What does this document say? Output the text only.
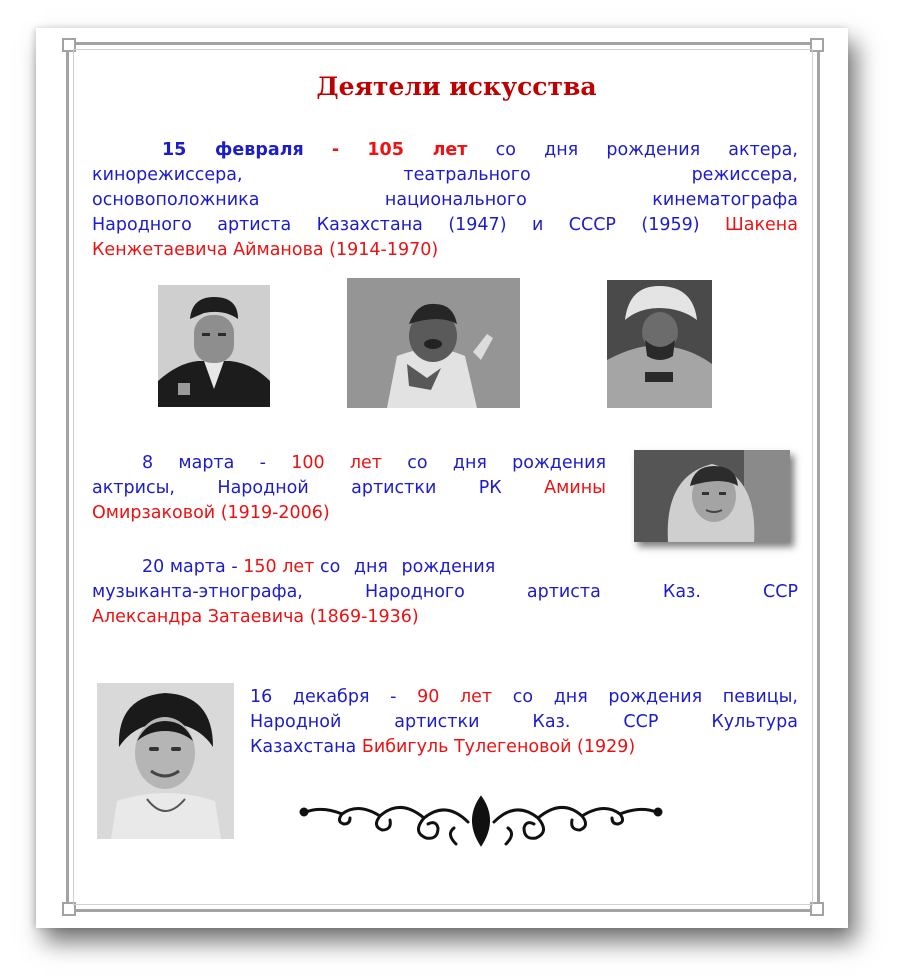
Деятели искусства
15 февраля - 105 лет со дня рождения актера,
кинорежиссера, театрального режиссера,
основоположника национального кинематографа
Народного артиста Казахстана (1947) и СССР (1959) Шакена
Кенжетаевича Айманова (1914-1970)
8 марта - 100 лет со дня рождения
актрисы, Народной артистки РК Амины
Омирзаковой (1919-2006)
20 марта - 150 лет со дня рождения
музыканта-этнографа, Народного артиста Каз. ССР
Александра Затаевича (1869-1936)
16 декабря - 90 лет со дня рождения певицы,
Народной артистки Каз. ССР Культура
Казахстана Бибигуль Тулегеновой (1929)
